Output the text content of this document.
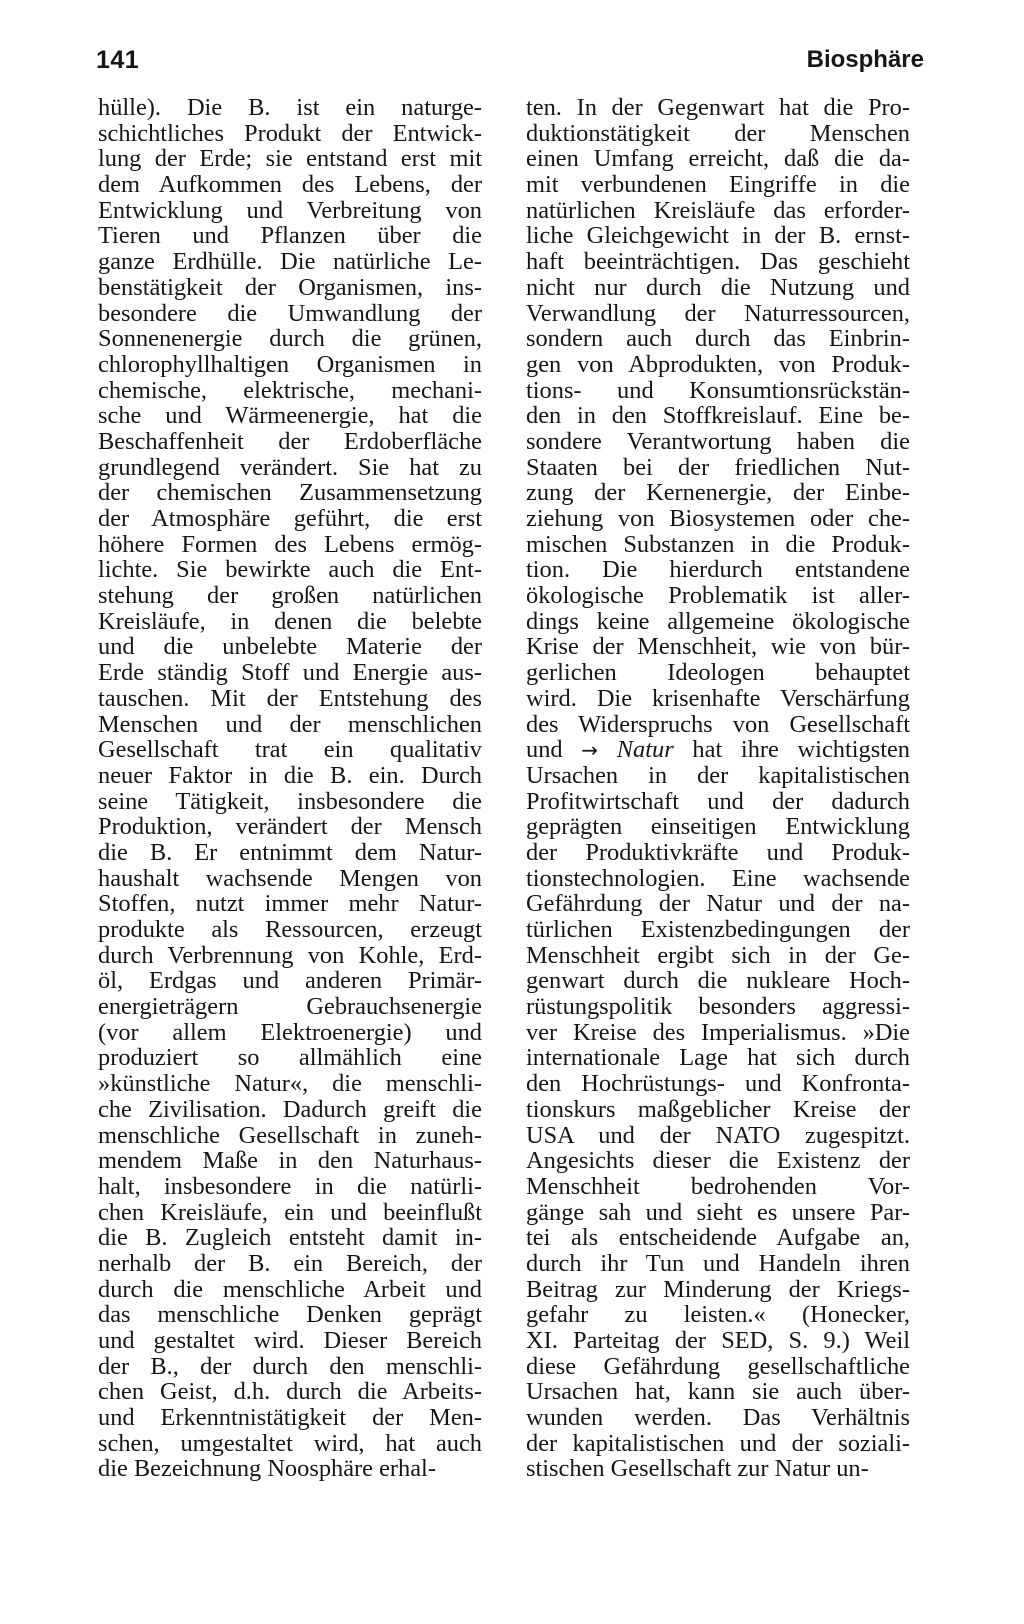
141	Biosphäre
hülle). Die B. ist ein naturge-
schichtliches Produkt der Entwick-
lung der Erde; sie entstand erst mit
dem Aufkommen des Lebens, der
Entwicklung und Verbreitung von
Tieren und Pflanzen über die
ganze Erdhülle. Die natürliche Le-
benstätigkeit der Organismen, ins-
besondere die Umwandlung der
Sonnenenergie durch die grünen,
chlorophyllhaltigen Organismen in
chemische, elektrische, mechani-
sche und Wärmeenergie, hat die
Beschaffenheit der Erdoberfläche
grundlegend verändert. Sie hat zu
der chemischen Zusammensetzung
der Atmosphäre geführt, die erst
höhere Formen des Lebens ermög-
lichte. Sie bewirkte auch die Ent-
stehung der großen natürlichen
Kreisläufe, in denen die belebte
und die unbelebte Materie der
Erde ständig Stoff und Energie aus-
tauschen. Mit der Entstehung des
Menschen und der menschlichen
Gesellschaft trat ein qualitativ
neuer Faktor in die B. ein. Durch
seine Tätigkeit, insbesondere die
Produktion, verändert der Mensch
die B. Er entnimmt dem Natur-
haushalt wachsende Mengen von
Stoffen, nutzt immer mehr Natur-
produkte als Ressourcen, erzeugt
durch Verbrennung von Kohle, Erd-
öl, Erdgas und anderen Primär-
energieträgern Gebrauchsenergie
(vor allem Elektroenergie) und
produziert so allmählich eine
»künstliche Natur«, die menschli-
che Zivilisation. Dadurch greift die
menschliche Gesellschaft in zuneh-
mendem Maße in den Naturhaus-
halt, insbesondere in die natürli-
chen Kreisläufe, ein und beeinflußt
die B. Zugleich entsteht damit in-
nerhalb der B. ein Bereich, der
durch die menschliche Arbeit und
das menschliche Denken geprägt
und gestaltet wird. Dieser Bereich
der B., der durch den menschli-
chen Geist, d.h. durch die Arbeits-
und Erkenntnistätigkeit der Men-
schen, umgestaltet wird, hat auch
die Bezeichnung Noosphäre erhal-
ten. In der Gegenwart hat die Pro-
duktionstätigkeit der Menschen
einen Umfang erreicht, daß die da-
mit verbundenen Eingriffe in die
natürlichen Kreisläufe das erforder-
liche Gleichgewicht in der B. ernst-
haft beeinträchtigen. Das geschieht
nicht nur durch die Nutzung und
Verwandlung der Naturressourcen,
sondern auch durch das Einbrin-
gen von Abprodukten, von Produk-
tions- und Konsumtionsrückstän-
den in den Stoffkreislauf. Eine be-
sondere Verantwortung haben die
Staaten bei der friedlichen Nut-
zung der Kernenergie, der Einbe-
ziehung von Biosystemen oder che-
mischen Substanzen in die Produk-
tion. Die hierdurch entstandene
ökologische Problematik ist aller-
dings keine allgemeine ökologische
Krise der Menschheit, wie von bür-
gerlichen Ideologen behauptet
wird. Die krisenhafte Verschärfung
des Widerspruchs von Gesellschaft
und → Natur hat ihre wichtigsten
Ursachen in der kapitalistischen
Profitwirtschaft und der dadurch
geprägten einseitigen Entwicklung
der Produktivkräfte und Produk-
tionstechnologien. Eine wachsende
Gefährdung der Natur und der na-
türlichen Existenzbedingungen der
Menschheit ergibt sich in der Ge-
genwart durch die nukleare Hoch-
rüstungspolitik besonders aggressi-
ver Kreise des Imperialismus. »Die
internationale Lage hat sich durch
den Hochrüstungs- und Konfronta-
tionskurs maßgeblicher Kreise der
USA und der NATO zugespitzt.
Angesichts dieser die Existenz der
Menschheit bedrohenden Vor-
gänge sah und sieht es unsere Par-
tei als entscheidende Aufgabe an,
durch ihr Tun und Handeln ihren
Beitrag zur Minderung der Kriegs-
gefahr zu leisten.« (Honecker,
XI. Parteitag der SED, S. 9.) Weil
diese Gefährdung gesellschaftliche
Ursachen hat, kann sie auch über-
wunden werden. Das Verhältnis
der kapitalistischen und der soziali-
stischen Gesellschaft zur Natur un-
